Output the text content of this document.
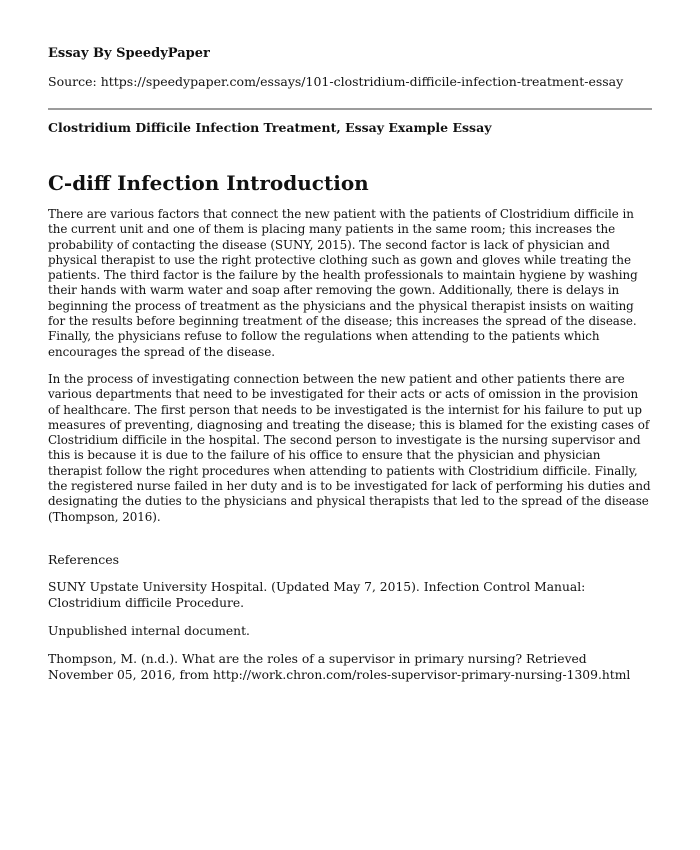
Essay By SpeedyPaper

Source: https://speedypaper.com/essays/101-clostridium-difficile-infection-treatment-essay

Clostridium Difficile Infection Treatment, Essay Example Essay

C-diff Infection Introduction

There are various factors that connect the new patient with the patients of Clostridium difficile in the current unit and one of them is placing many patients in the same room; this increases the probability of contacting the disease (SUNY, 2015). The second factor is lack of physician and physical therapist to use the right protective clothing such as gown and gloves while treating the patients. The third factor is the failure by the health professionals to maintain hygiene by washing their hands with warm water and soap after removing the gown. Additionally, there is delays in beginning the process of treatment as the physicians and the physical therapist insists on waiting for the results before beginning treatment of the disease; this increases the spread of the disease. Finally, the physicians refuse to follow the regulations when attending to the patients which encourages the spread of the disease.

In the process of investigating connection between the new patient and other patients there are various departments that need to be investigated for their acts or acts of omission in the provision of healthcare. The first person that needs to be investigated is the internist for his failure to put up measures of preventing, diagnosing and treating the disease; this is blamed for the existing cases of Clostridium difficile in the hospital. The second person to investigate is the nursing supervisor and this is because it is due to the failure of his office to ensure that the physician and physician therapist follow the right procedures when attending to patients with Clostridium difficile. Finally, the registered nurse failed in her duty and is to be investigated for lack of performing his duties and designating the duties to the physicians and physical therapists that led to the spread of the disease (Thompson, 2016).

References

SUNY Upstate University Hospital. (Updated May 7, 2015). Infection Control Manual: Clostridium difficile Procedure.

Unpublished internal document.

Thompson, M. (n.d.). What are the roles of a supervisor in primary nursing? Retrieved November 05, 2016, from http://work.chron.com/roles-supervisor-primary-nursing-1309.html
